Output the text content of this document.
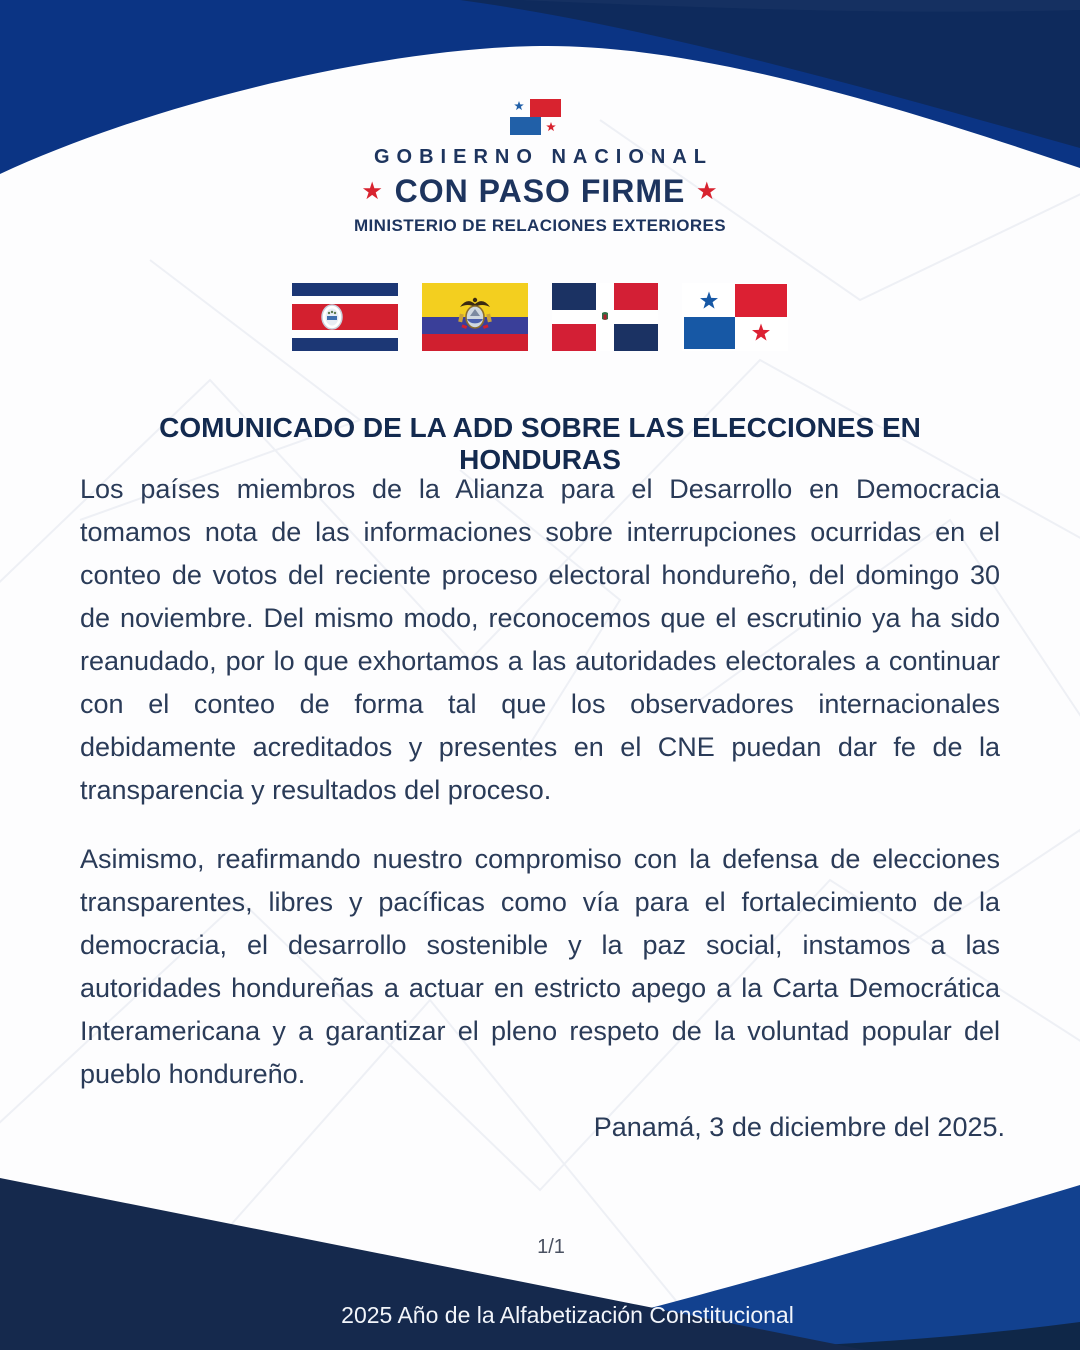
GOBIERNO NACIONAL
★ CON PASO FIRME ★
MINISTERIO DE RELACIONES EXTERIORES
COMUNICADO DE LA ADD SOBRE LAS ELECCIONES EN HONDURAS

Los países miembros de la Alianza para el Desarrollo en Democracia tomamos nota de las informaciones sobre interrupciones ocurridas en el conteo de votos del reciente proceso electoral hondureño, del domingo 30 de noviembre. Del mismo modo, reconocemos que el escrutinio ya ha sido reanudado, por lo que exhortamos a las autoridades electorales a continuar con el conteo de forma tal que los observadores internacionales debidamente acreditados y presentes en el CNE puedan dar fe de la transparencia y resultados del proceso.

Asimismo, reafirmando nuestro compromiso con la defensa de elecciones transparentes, libres y pacíficas como vía para el fortalecimiento de la democracia, el desarrollo sostenible y la paz social, instamos a las autoridades hondureñas a actuar en estricto apego a la Carta Democrática Interamericana y a garantizar el pleno respeto de la voluntad popular del pueblo hondureño.

Panamá, 3 de diciembre del 2025.
1/1
2025 Año de la Alfabetización Constitucional
